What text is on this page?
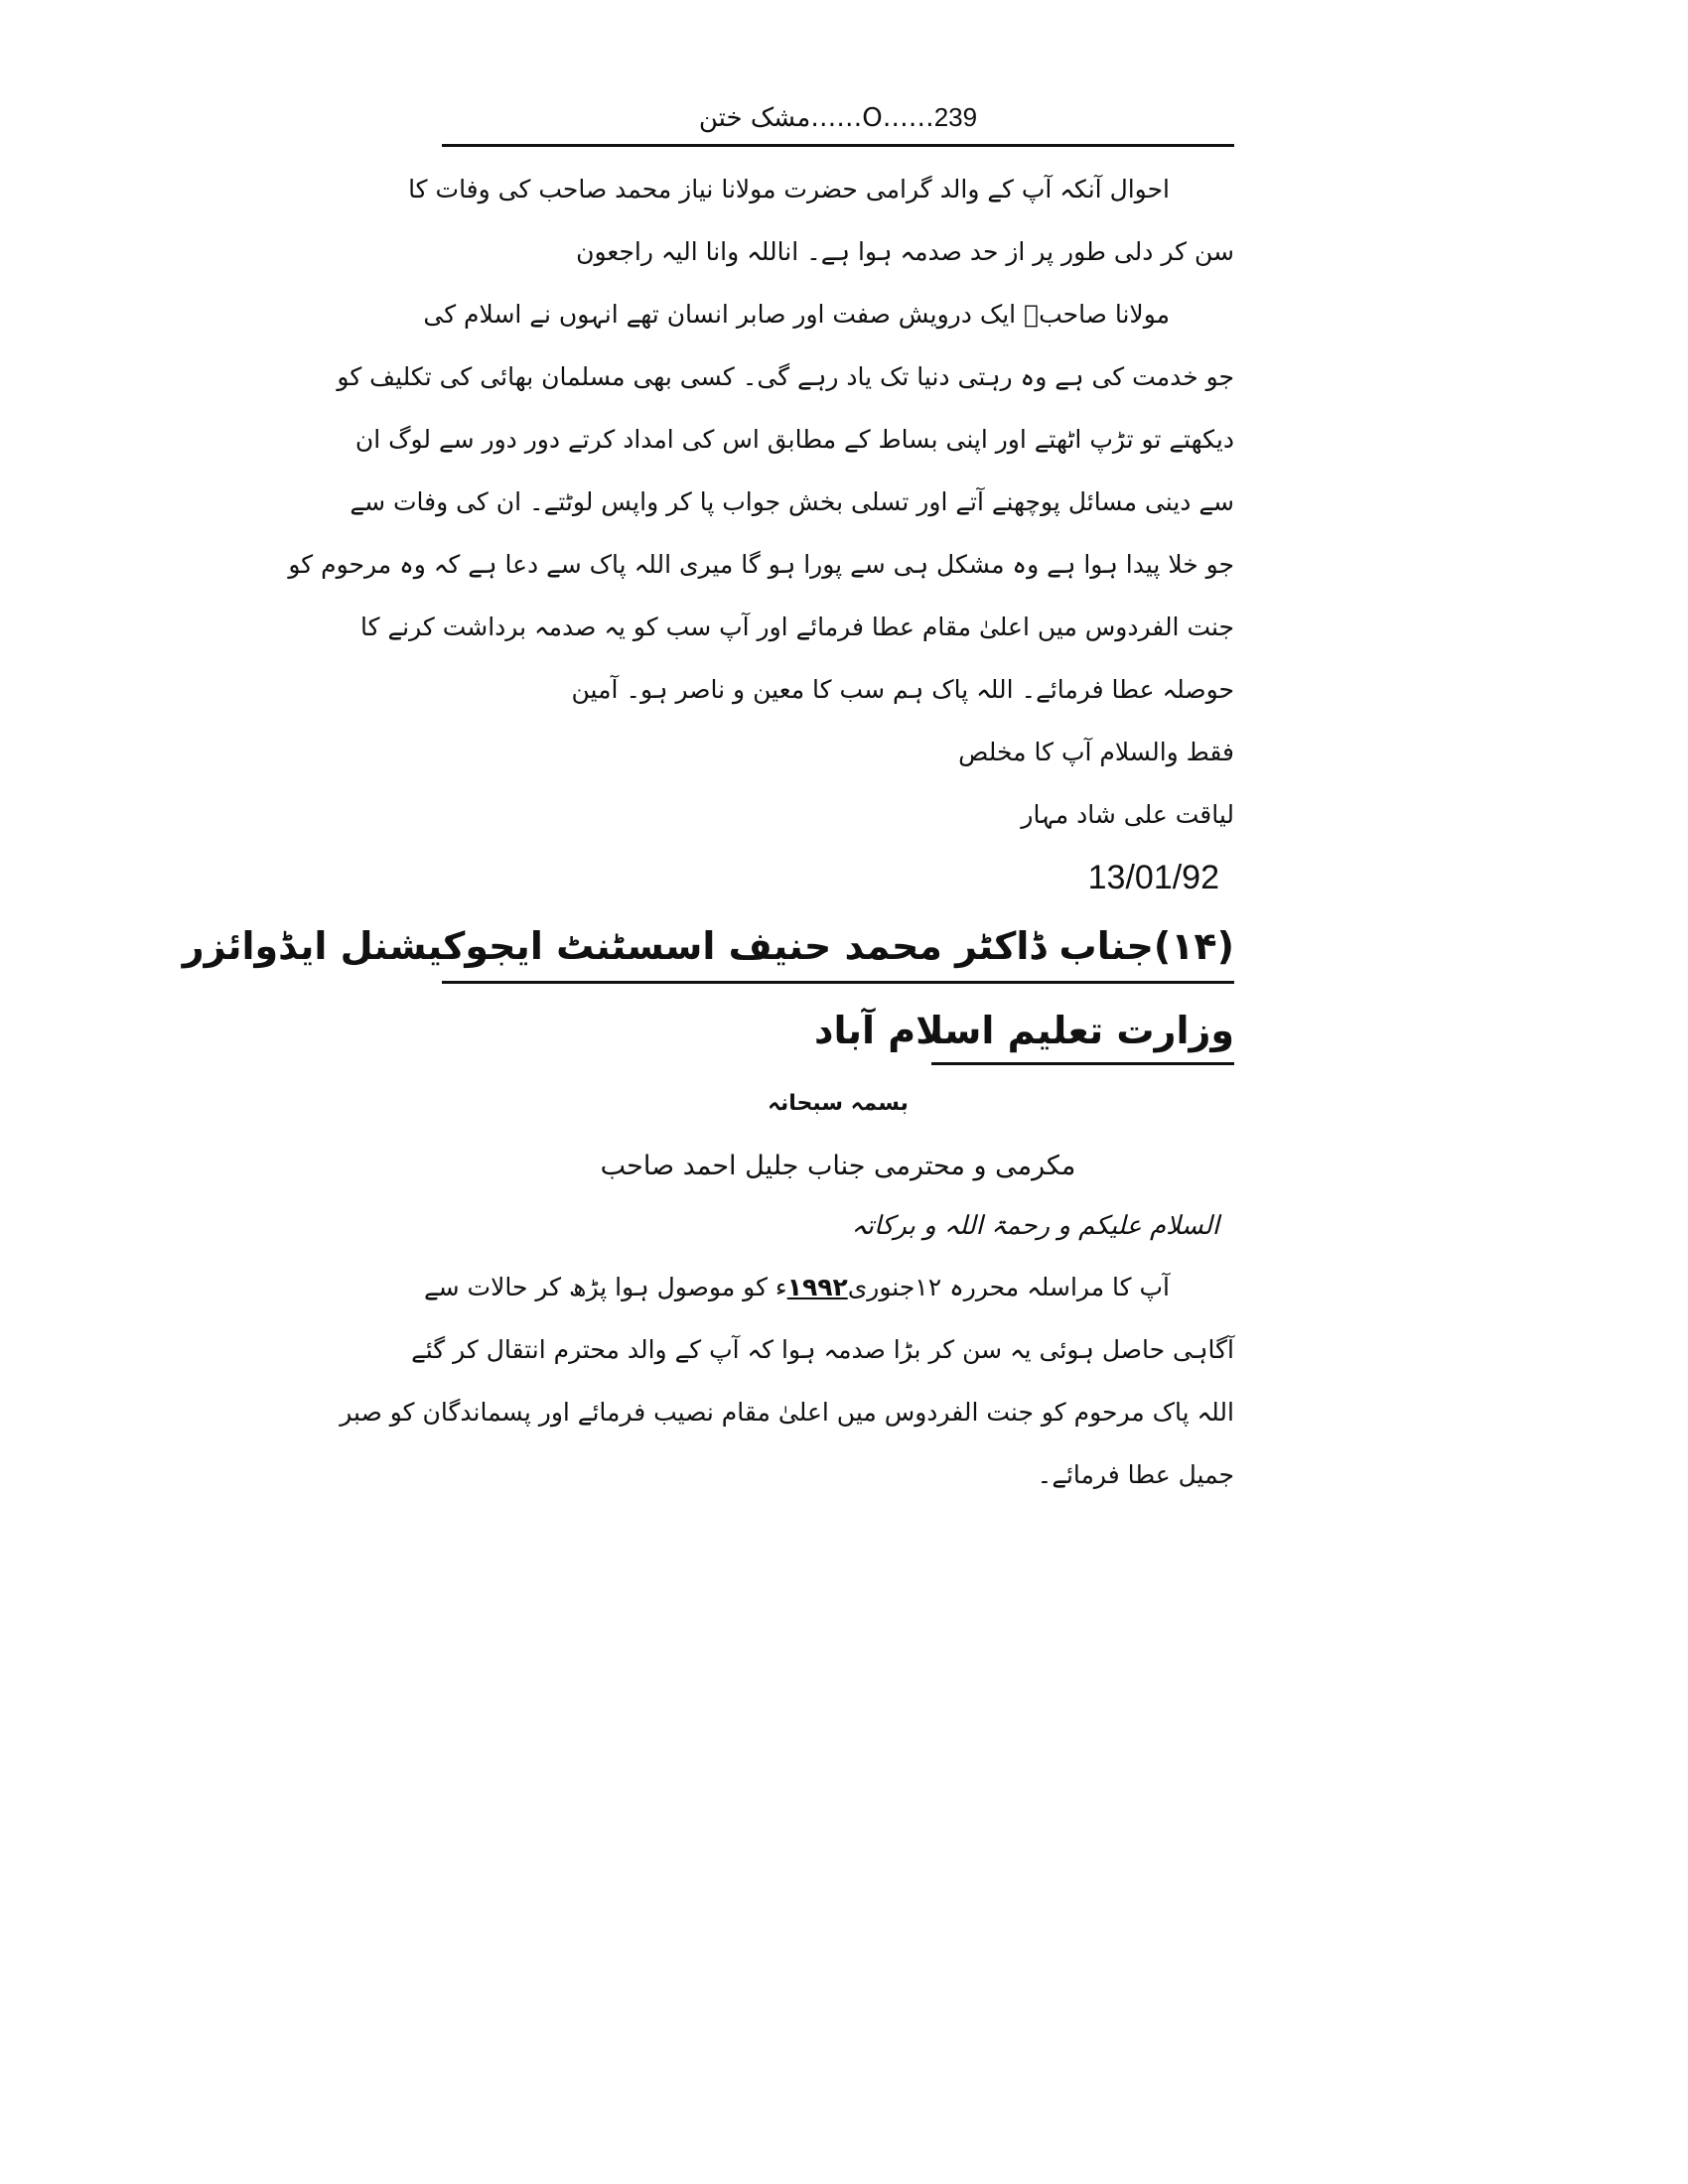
مشک ختن……O……239
احوال آنکہ آپ کے والد گرامی حضرت مولانا نیاز محمد صاحب کی وفات کا
سن کر دلی طور پر از حد صدمہ ہوا ہے۔ اناللہ وانا الیہ راجعون
مولانا صاحبؒ ایک درویش صفت اور صابر انسان تھے انہوں نے اسلام کی
جو خدمت کی ہے وہ رہتی دنیا تک یاد رہے گی۔ کسی بھی مسلمان بھائی کی تکلیف کو
دیکھتے تو تڑپ اٹھتے اور اپنی بساط کے مطابق اس کی امداد کرتے دور دور سے لوگ ان
سے دینی مسائل پوچھنے آتے اور تسلی بخش جواب پا کر واپس لوٹتے۔ ان کی وفات سے
جو خلا پیدا ہوا ہے وہ مشکل ہی سے پورا ہو گا میری اللہ پاک سے دعا ہے کہ وہ مرحوم کو
جنت الفردوس میں اعلیٰ مقام عطا فرمائے اور آپ سب کو یہ صدمہ برداشت کرنے کا
حوصلہ عطا فرمائے۔ اللہ پاک ہم سب کا معین و ناصر ہو۔ آمین
فقط والسلام آپ کا مخلص
لیاقت علی شاد مہار
13/01/92
(۱۴)جناب ڈاکٹر محمد حنیف اسسٹنٹ ایجوکیشنل ایڈوائزر
وزارت تعلیم اسلام آباد
بسمہ سبحانہ
مکرمی و محترمی جناب جلیل احمد صاحب
السلام علیکم و رحمۃ اللہ و برکاتہ
آپ کا مراسلہ محررہ ۱۲جنوری۱۹۹۲ء کو موصول ہوا پڑھ کر حالات سے
آگاہی حاصل ہوئی یہ سن کر بڑا صدمہ ہوا کہ آپ کے والد محترم انتقال کر گئے
اللہ پاک مرحوم کو جنت الفردوس میں اعلیٰ مقام نصیب فرمائے اور پسماندگان کو صبر
جمیل عطا فرمائے۔
